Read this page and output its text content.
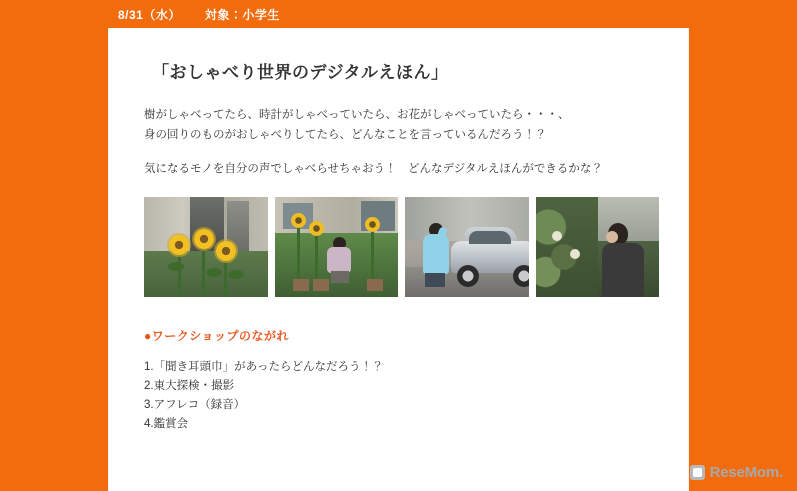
8/31（水） 対象：小学生
「おしゃべり世界のデジタルえほん」
樹がしゃべってたら、時計がしゃべっていたら、お花がしゃべっていたら・・・、
身の回りのものがおしゃべりしてたら、どんなことを言っているんだろう！？
気になるモノを自分の声でしゃべらせちゃおう！　どんなデジタルえほんができるかな？
●ワークショップのながれ
1.「聞き耳頭巾」があったらどんなだろう！？
2.東大探検・撮影
3.アフレコ（録音）
4.鑑賞会
ReseMom.
